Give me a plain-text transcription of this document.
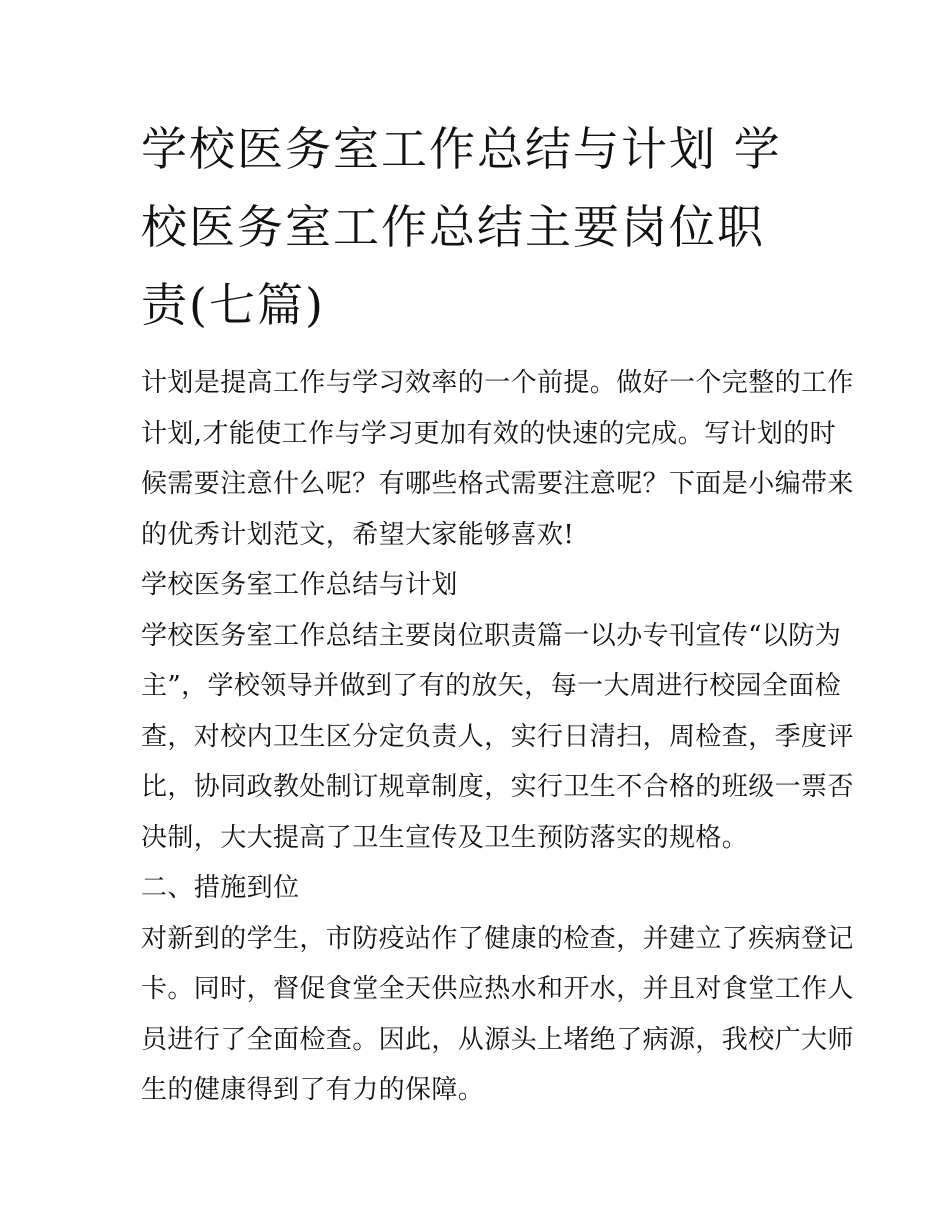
学校医务室工作总结与计划 学
校医务室工作总结主要岗位职
责(七篇)
计划是提高工作与学习效率的一个前提。做好一个完整的工作
计划,才能使工作与学习更加有效的快速的完成。写计划的时
候需要注意什么呢？有哪些格式需要注意呢？下面是小编带来
的优秀计划范文，希望大家能够喜欢!
学校医务室工作总结与计划
学校医务室工作总结主要岗位职责篇一以办专刊宣传“以防为
主”，学校领导并做到了有的放矢，每一大周进行校园全面检
查，对校内卫生区分定负责人，实行日清扫，周检查，季度评
比，协同政教处制订规章制度，实行卫生不合格的班级一票否
决制，大大提高了卫生宣传及卫生预防落实的规格。
二、措施到位
对新到的学生，市防疫站作了健康的检查，并建立了疾病登记
卡。同时，督促食堂全天供应热水和开水，并且对食堂工作人
员进行了全面检查。因此，从源头上堵绝了病源，我校广大师
生的健康得到了有力的保障。
